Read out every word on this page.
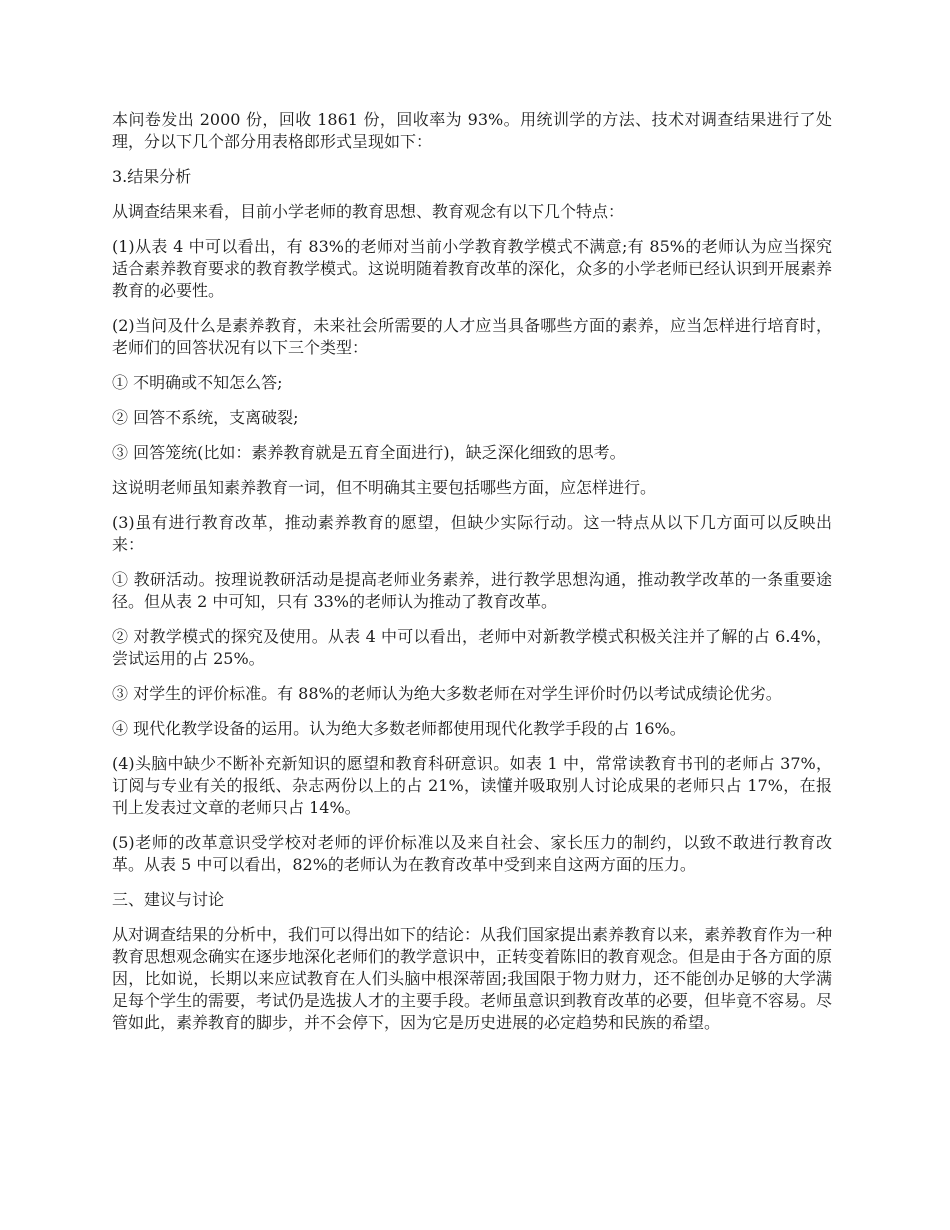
本问卷发出 2000 份，回收 1861 份，回收率为 93%。用统训学的方法、技术对调查结果进行了处理，分以下几个部分用表格郎形式呈现如下：

3.结果分析

从调查结果来看，目前小学老师的教育思想、教育观念有以下几个特点：

(1)从表 4 中可以看出，有 83%的老师对当前小学教育教学模式不满意;有 85%的老师认为应当探究适合素养教育要求的教育教学模式。这说明随着教育改革的深化，众多的小学老师已经认识到开展素养教育的必要性。

(2)当问及什么是素养教育，未来社会所需要的人才应当具备哪些方面的素养，应当怎样进行培育时，老师们的回答状况有以下三个类型：

① 不明确或不知怎么答;

② 回答不系统，支离破裂;

③ 回答笼统(比如：素养教育就是五育全面进行)，缺乏深化细致的思考。

这说明老师虽知素养教育一词，但不明确其主要包括哪些方面，应怎样进行。

(3)虽有进行教育改革，推动素养教育的愿望，但缺少实际行动。这一特点从以下几方面可以反映出来：

① 教研活动。按理说教研活动是提高老师业务素养，进行教学思想沟通，推动教学改革的一条重要途径。但从表 2 中可知，只有 33%的老师认为推动了教育改革。

② 对教学模式的探究及使用。从表 4 中可以看出，老师中对新教学模式积极关注并了解的占 6.4%，尝试运用的占 25%。

③ 对学生的评价标准。有 88%的老师认为绝大多数老师在对学生评价时仍以考试成绩论优劣。

④ 现代化教学设备的运用。认为绝大多数老师都使用现代化教学手段的占 16%。

(4)头脑中缺少不断补充新知识的愿望和教育科研意识。如表 1 中，常常读教育书刊的老师占 37%，订阅与专业有关的报纸、杂志两份以上的占 21%，读懂并吸取别人讨论成果的老师只占 17%，在报刊上发表过文章的老师只占 14%。

(5)老师的改革意识受学校对老师的评价标准以及来自社会、家长压力的制约，以致不敢进行教育改革。从表 5 中可以看出，82%的老师认为在教育改革中受到来自这两方面的压力。

三、建议与讨论

从对调查结果的分析中，我们可以得出如下的结论：从我们国家提出素养教育以来，素养教育作为一种教育思想观念确实在逐步地深化老师们的教学意识中，正转变着陈旧的教育观念。但是由于各方面的原因，比如说，长期以来应试教育在人们头脑中根深蒂固;我国限于物力财力，还不能创办足够的大学满足每个学生的需要，考试仍是选拔人才的主要手段。老师虽意识到教育改革的必要，但毕竟不容易。尽管如此，素养教育的脚步，并不会停下，因为它是历史进展的必定趋势和民族的希望。
